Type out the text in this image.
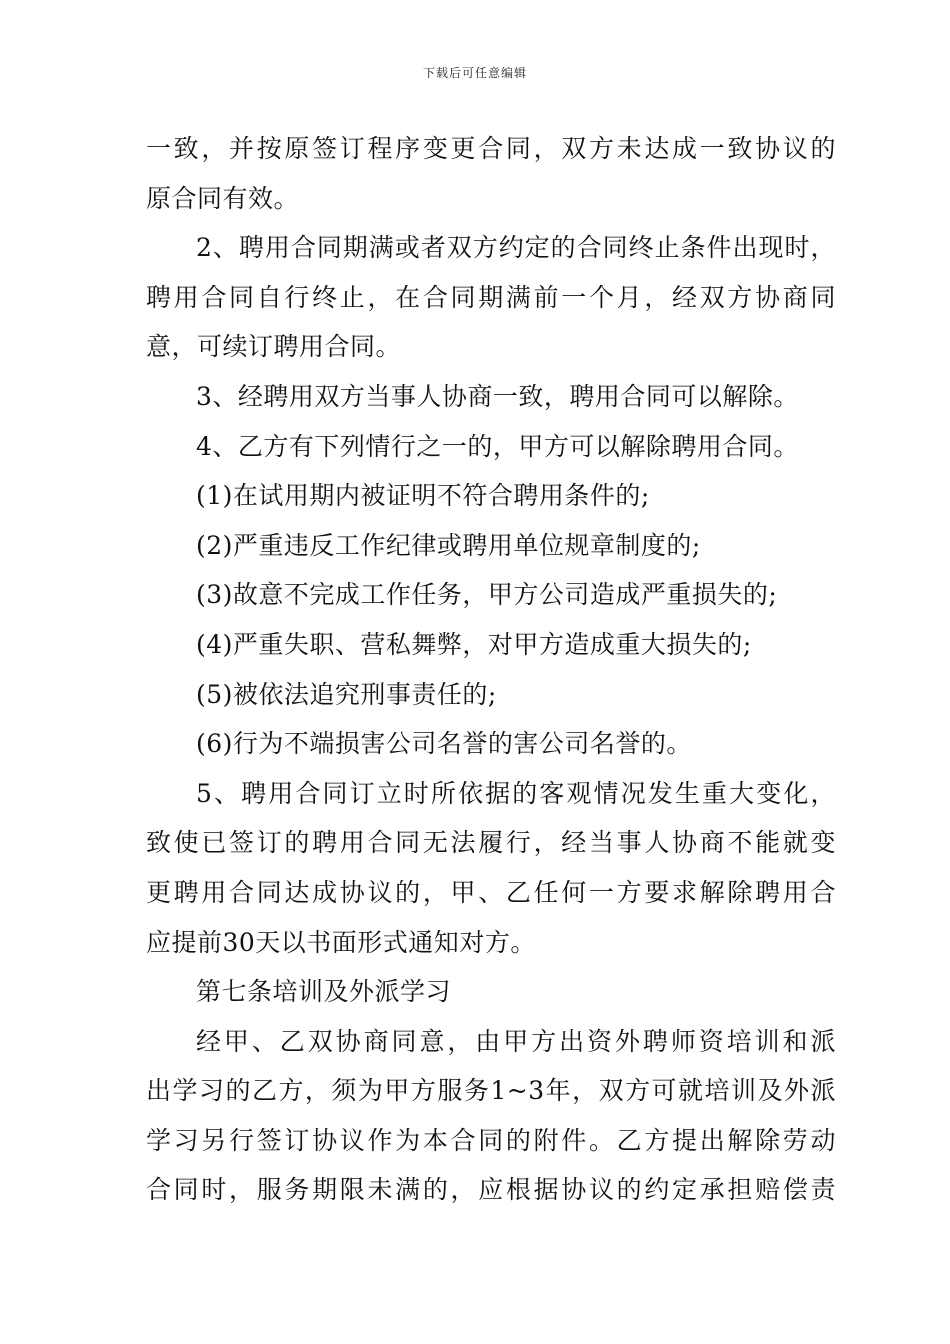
下载后可任意编辑
一致，并按原签订程序变更合同，双方未达成一致协议的
原合同有效。
2、聘用合同期满或者双方约定的合同终止条件出现时，
聘用合同自行终止，在合同期满前一个月，经双方协商同
意，可续订聘用合同。
3、经聘用双方当事人协商一致，聘用合同可以解除。
4、乙方有下列情行之一的，甲方可以解除聘用合同。
(1)在试用期内被证明不符合聘用条件的;
(2)严重违反工作纪律或聘用单位规章制度的;
(3)故意不完成工作任务，甲方公司造成严重损失的;
(4)严重失职、营私舞弊，对甲方造成重大损失的;
(5)被依法追究刑事责任的;
(6)行为不端损害公司名誉的害公司名誉的。
5、聘用合同订立时所依据的客观情况发生重大变化，
致使已签订的聘用合同无法履行，经当事人协商不能就变
更聘用合同达成协议的，甲、乙任何一方要求解除聘用合
应提前30天以书面形式通知对方。
第七条培训及外派学习
经甲、乙双协商同意，由甲方出资外聘师资培训和派
出学习的乙方，须为甲方服务1~3年，双方可就培训及外派
学习另行签订协议作为本合同的附件。乙方提出解除劳动
合同时，服务期限未满的，应根据协议的约定承担赔偿责
